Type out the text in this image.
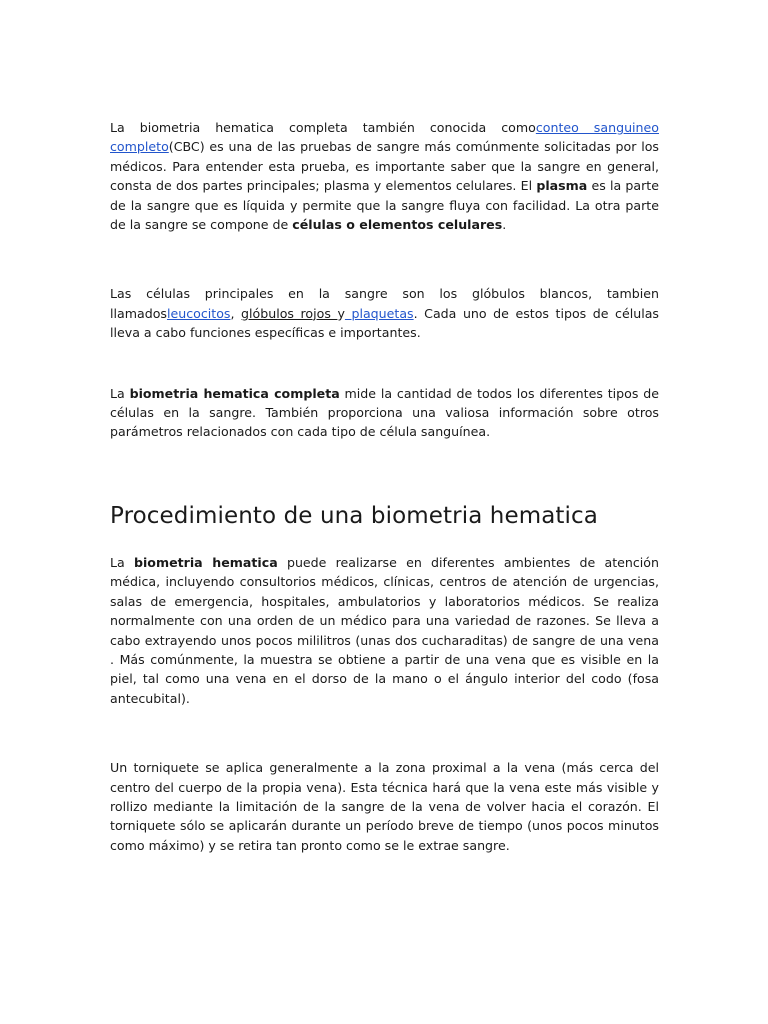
La biometria hematica completa también conocida comoconteo sanguineo completo(CBC) es una de las pruebas de sangre más comúnmente solicitadas por los médicos. Para entender esta prueba, es importante saber que la sangre en general, consta de dos partes principales; plasma y elementos celulares. El plasma es la parte de la sangre que es líquida y permite que la sangre fluya con facilidad. La otra parte de la sangre se compone de células o elementos celulares.

Las células principales en la sangre son los glóbulos blancos, tambien llamadosleucocitos, glóbulos rojos y plaquetas. Cada uno de estos tipos de células lleva a cabo funciones específicas e importantes.

La biometria hematica completa mide la cantidad de todos los diferentes tipos de células en la sangre. También proporciona una valiosa información sobre otros parámetros relacionados con cada tipo de célula sanguínea.

Procedimiento de una biometria hematica

La biometria hematica puede realizarse en diferentes ambientes de atención médica, incluyendo consultorios médicos, clínicas, centros de atención de urgencias, salas de emergencia, hospitales, ambulatorios y laboratorios médicos. Se realiza normalmente con una orden de un médico para una variedad de razones. Se lleva a cabo extrayendo unos pocos mililitros (unas dos cucharaditas) de sangre de una vena . Más comúnmente, la muestra se obtiene a partir de una vena que es visible en la piel, tal como una vena en el dorso de la mano o el ángulo interior del codo (fosa antecubital).

Un torniquete se aplica generalmente a la zona proximal a la vena (más cerca del centro del cuerpo de la propia vena). Esta técnica hará que la vena este más visible y rollizo mediante la limitación de la sangre de la vena de volver hacia el corazón. El torniquete sólo se aplicarán durante un período breve de tiempo (unos pocos minutos como máximo) y se retira tan pronto como se le extrae sangre.
